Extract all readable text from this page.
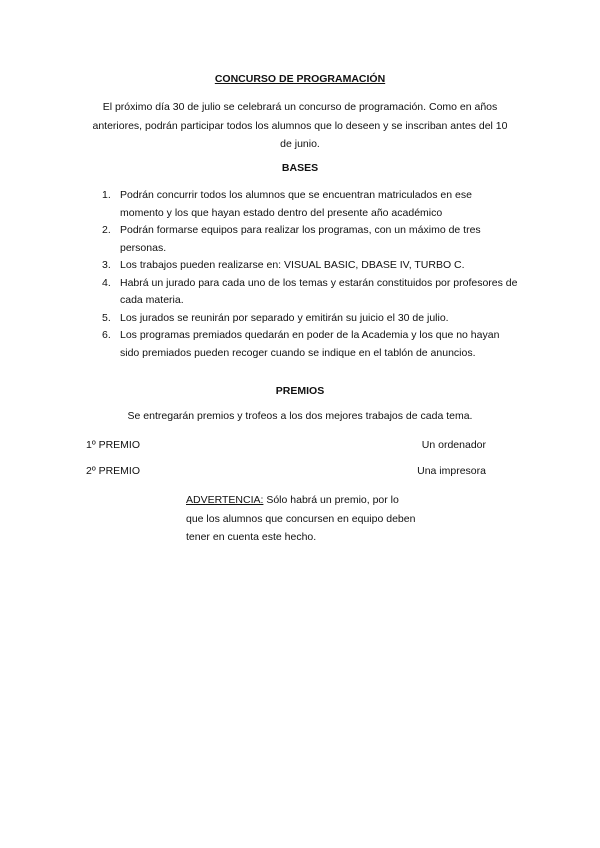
CONCURSO DE PROGRAMACIÓN
El próximo día 30 de julio se celebrará un concurso de programación. Como en años anteriores, podrán participar todos los alumnos que lo deseen y se inscriban antes del 10 de junio.
BASES
1. Podrán concurrir todos los alumnos que se encuentran matriculados en ese momento y los que hayan estado dentro del presente año académico
2. Podrán formarse equipos para realizar los programas, con un máximo de tres personas.
3. Los trabajos pueden realizarse en: VISUAL BASIC, DBASE IV, TURBO C.
4. Habrá un jurado para cada uno de los temas y estarán constituidos por profesores de cada materia.
5. Los jurados se reunirán por separado y emitirán su juicio el 30 de julio.
6. Los programas premiados quedarán en poder de la Academia y los que no hayan sido premiados pueden recoger cuando se indique en el tablón de anuncios.
PREMIOS
Se entregarán premios y trofeos a los dos mejores trabajos de cada tema.
1º PREMIO	Un ordenador
2º PREMIO	Una impresora
ADVERTENCIA: Sólo habrá un premio, por lo que los alumnos que concursen en equipo deben tener en cuenta este hecho.
